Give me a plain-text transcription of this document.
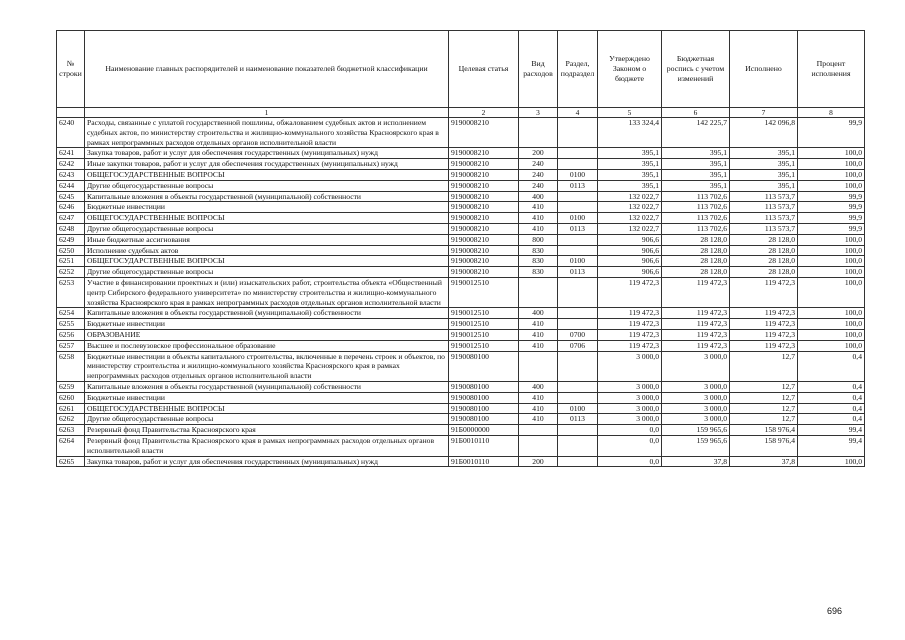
№ строки	Наименование главных распорядителей и наименование показателей бюджетной классификации	Целевая статья	Вид расходов	Раздел, подраздел	Утверждено Законом о бюджете	Бюджетная роспись с учетом изменений	Исполнено	Процент исполнения
	1	2	3	4	5	6	7	8
6240	Расходы, связанные с уплатой государственной пошлины, обжалованием судебных актов и исполнением судебных актов, по министерству строительства и жилищно-коммунального хозяйства Красноярского края в рамках непрограммных расходов отдельных органов исполнительной власти	9190008210			133 324,4	142 225,7	142 096,8	99,9
6241	Закупка товаров, работ и услуг для обеспечения государственных (муниципальных) нужд	9190008210	200		395,1	395,1	395,1	100,0
6242	Иные закупки товаров, работ и услуг для обеспечения государственных (муниципальных) нужд	9190008210	240		395,1	395,1	395,1	100,0
6243	ОБЩЕГОСУДАРСТВЕННЫЕ ВОПРОСЫ	9190008210	240	0100	395,1	395,1	395,1	100,0
6244	Другие общегосударственные вопросы	9190008210	240	0113	395,1	395,1	395,1	100,0
6245	Капитальные вложения в объекты государственной (муниципальной) собственности	9190008210	400		132 022,7	113 702,6	113 573,7	99,9
6246	Бюджетные инвестиции	9190008210	410		132 022,7	113 702,6	113 573,7	99,9
6247	ОБЩЕГОСУДАРСТВЕННЫЕ ВОПРОСЫ	9190008210	410	0100	132 022,7	113 702,6	113 573,7	99,9
6248	Другие общегосударственные вопросы	9190008210	410	0113	132 022,7	113 702,6	113 573,7	99,9
6249	Иные бюджетные ассигнования	9190008210	800		906,6	28 128,0	28 128,0	100,0
6250	Исполнение судебных актов	9190008210	830		906,6	28 128,0	28 128,0	100,0
6251	ОБЩЕГОСУДАРСТВЕННЫЕ ВОПРОСЫ	9190008210	830	0100	906,6	28 128,0	28 128,0	100,0
6252	Другие общегосударственные вопросы	9190008210	830	0113	906,6	28 128,0	28 128,0	100,0
6253	Участие в финансировании проектных и (или) изыскательских работ, строительства объекта «Общественный центр Сибирского федерального университета» по министерству строительства и жилищно-коммунального хозяйства Красноярского края в рамках непрограммных расходов отдельных органов исполнительной власти	9190012510			119 472,3	119 472,3	119 472,3	100,0
6254	Капитальные вложения в объекты государственной (муниципальной) собственности	9190012510	400		119 472,3	119 472,3	119 472,3	100,0
6255	Бюджетные инвестиции	9190012510	410		119 472,3	119 472,3	119 472,3	100,0
6256	ОБРАЗОВАНИЕ	9190012510	410	0700	119 472,3	119 472,3	119 472,3	100,0
6257	Высшее и послевузовское профессиональное образование	9190012510	410	0706	119 472,3	119 472,3	119 472,3	100,0
6258	Бюджетные инвестиции в объекты капитального строительства, включенные в перечень строек и объектов, по министерству строительства и жилищно-коммунального хозяйства Красноярского края в рамках непрограммных расходов отдельных органов исполнительной власти	9190080100			3 000,0	3 000,0	12,7	0,4
6259	Капитальные вложения в объекты государственной (муниципальной) собственности	9190080100	400		3 000,0	3 000,0	12,7	0,4
6260	Бюджетные инвестиции	9190080100	410		3 000,0	3 000,0	12,7	0,4
6261	ОБЩЕГОСУДАРСТВЕННЫЕ ВОПРОСЫ	9190080100	410	0100	3 000,0	3 000,0	12,7	0,4
6262	Другие общегосударственные вопросы	9190080100	410	0113	3 000,0	3 000,0	12,7	0,4
6263	Резервный фонд Правительства Красноярского края	91Б0000000			0,0	159 965,6	158 976,4	99,4
6264	Резервный фонд Правительства Красноярского края в рамках непрограммных расходов отдельных органов исполнительной власти	91Б0010110			0,0	159 965,6	158 976,4	99,4
6265	Закупка товаров, работ и услуг для обеспечения государственных (муниципальных) нужд	91Б0010110	200		0,0	37,8	37,8	100,0
696
